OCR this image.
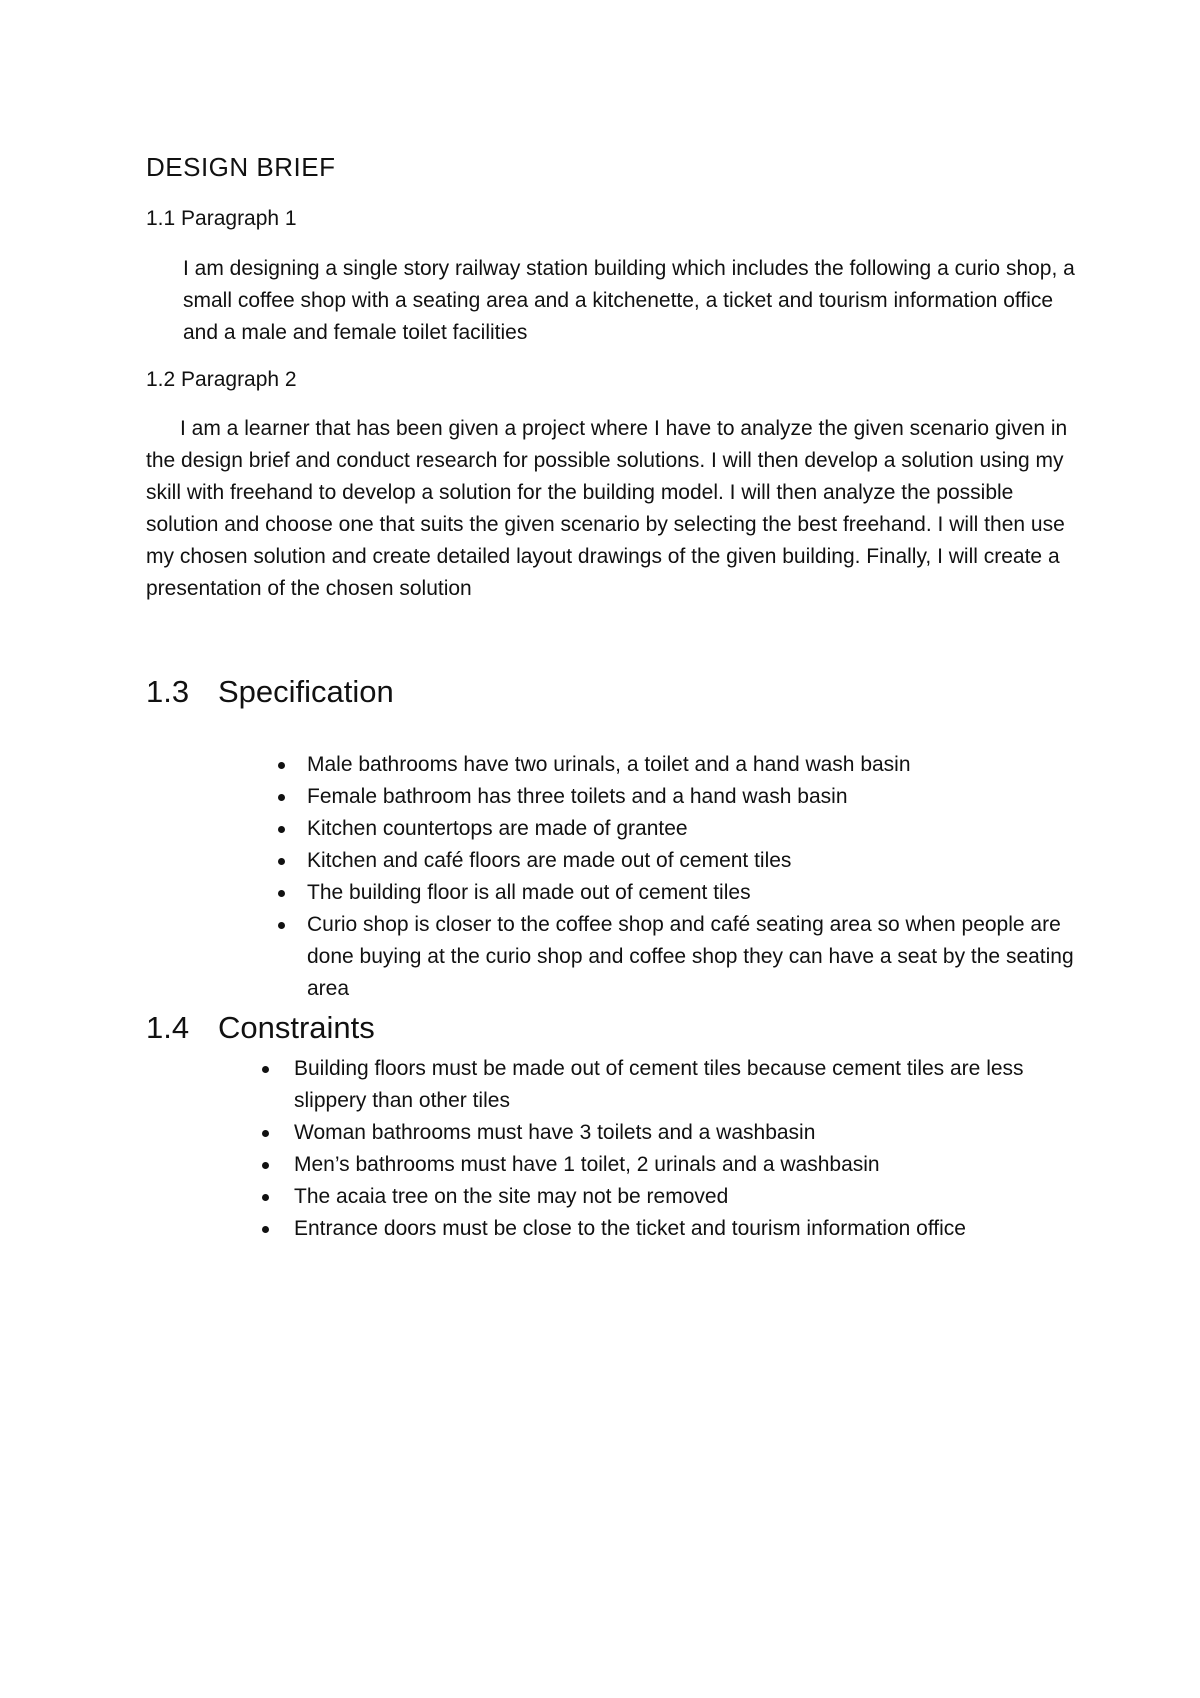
DESIGN BRIEF
1.1 Paragraph 1

I am designing a single story railway station building which includes the following a curio shop, a small coffee shop with a seating area and a kitchenette, a ticket and tourism information office and a male and female toilet facilities

1.2 Paragraph 2

I am a learner that has been given a project where I have to analyze the given scenario given in the design brief and conduct research for possible solutions. I will then develop a solution using my skill with freehand to develop a solution for the building model. I will then analyze the possible solution and choose one that suits the given scenario by selecting the best freehand. I will then use my chosen solution and create detailed layout drawings of the given building. Finally, I will create a presentation of the chosen solution

1.3 Specification
Male bathrooms have two urinals, a toilet and a hand wash basin
Female bathroom has three toilets and a hand wash basin
Kitchen countertops are made of grantee
Kitchen and café floors are made out of cement tiles
The building floor is all made out of cement tiles
Curio shop is closer to the coffee shop and café seating area so when people are done buying at the curio shop and coffee shop they can have a seat by the seating area
1.4 Constraints
Building floors must be made out of cement tiles because cement tiles are less slippery than other tiles
Woman bathrooms must have 3 toilets and a washbasin
Men’s bathrooms must have 1 toilet, 2 urinals and a washbasin
The acaia tree on the site may not be removed
Entrance doors must be close to the ticket and tourism information office
